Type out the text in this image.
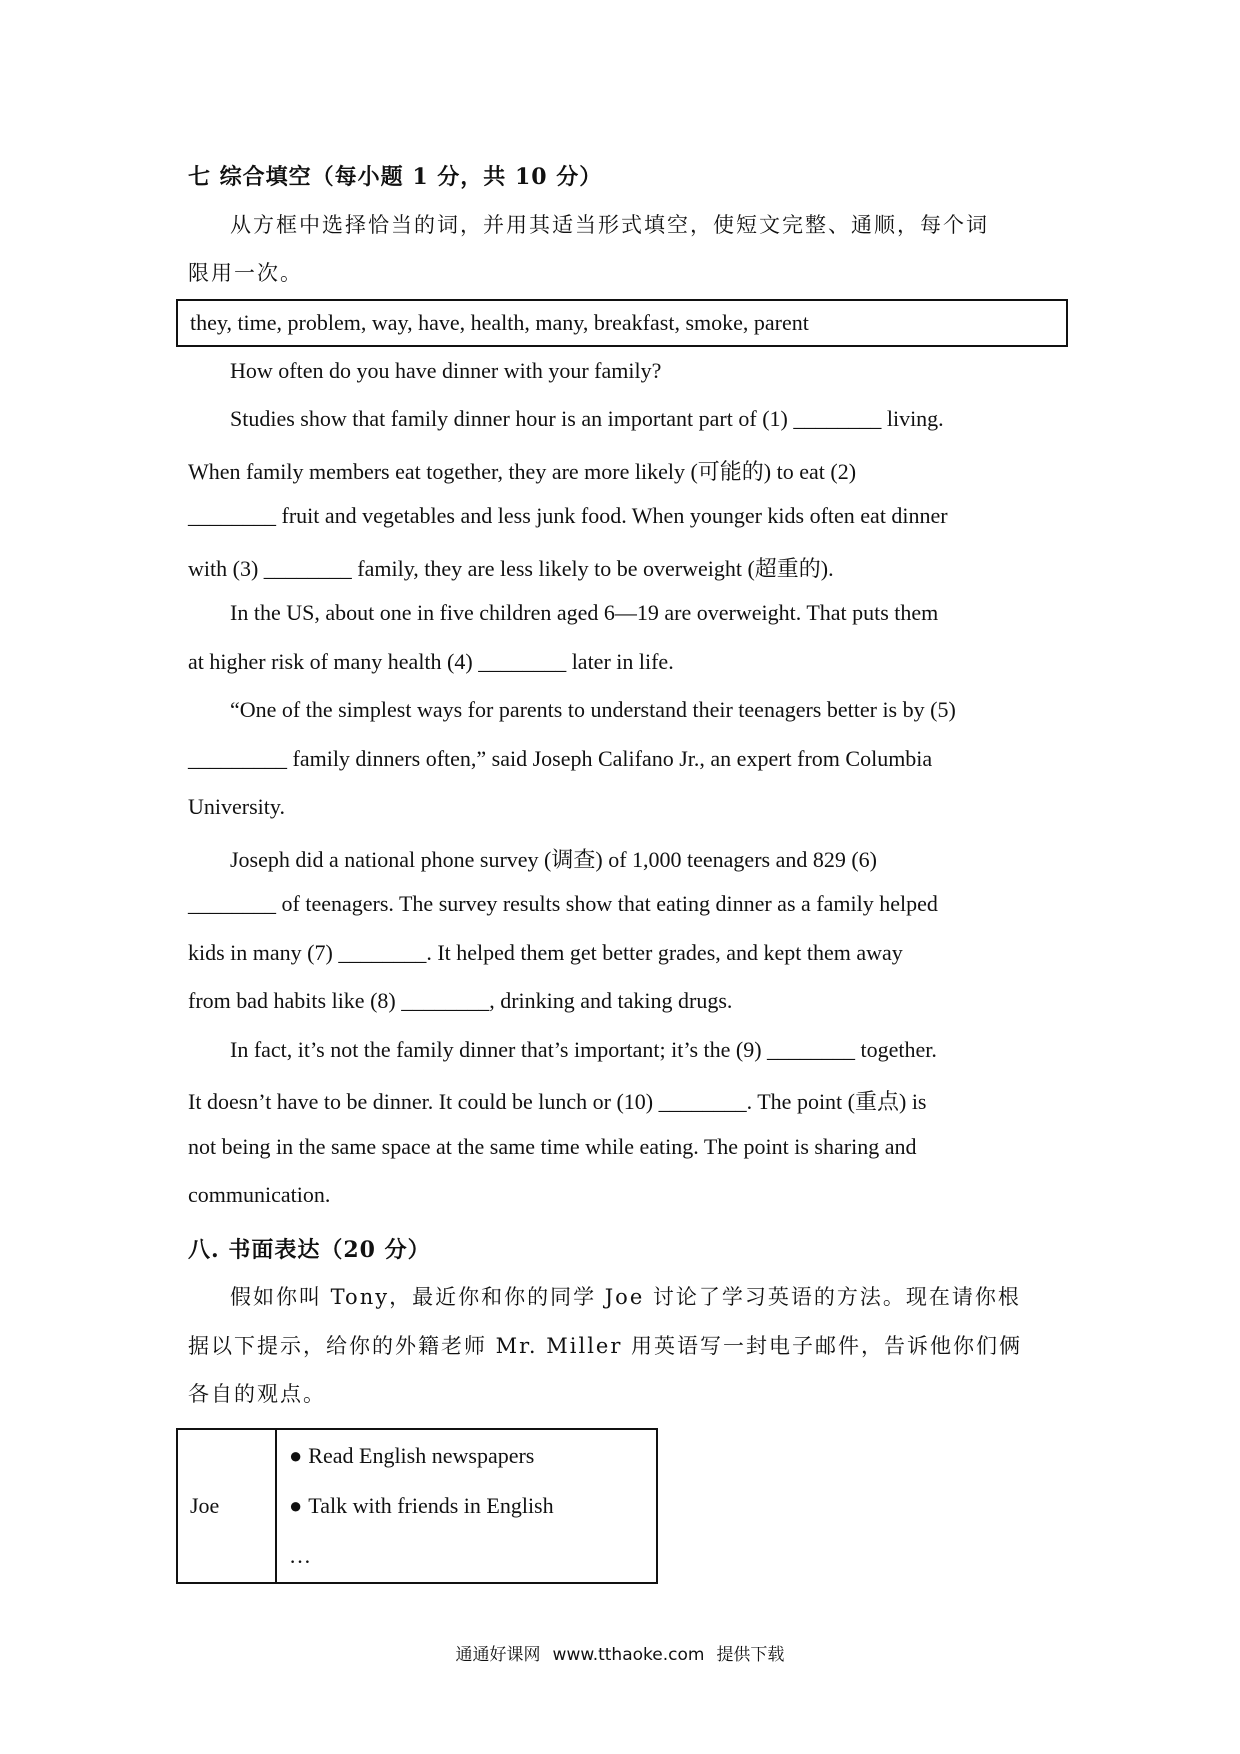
七 综合填空（每小题 1 分，共 10 分）
从方框中选择恰当的词，并用其适当形式填空，使短文完整、通顺，每个词
限用一次。
they, time, problem, way, have, health, many, breakfast, smoke, parent
How often do you have dinner with your family?
Studies show that family dinner hour is an important part of (1) ________ living.
When family members eat together, they are more likely (可能的) to eat (2)
________ fruit and vegetables and less junk food. When younger kids often eat dinner
with (3) ________ family, they are less likely to be overweight (超重的).
In the US, about one in five children aged 6—19 are overweight. That puts them
at higher risk of many health (4) ________ later in life.
“One of the simplest ways for parents to understand their teenagers better is by (5)
_________ family dinners often,” said Joseph Califano Jr., an expert from Columbia
University.
Joseph did a national phone survey (调查) of 1,000 teenagers and 829 (6)
________ of teenagers. The survey results show that eating dinner as a family helped
kids in many (7) ________. It helped them get better grades, and kept them away
from bad habits like (8) ________, drinking and taking drugs.
In fact, it’s not the family dinner that’s important; it’s the (9) ________ together.
It doesn’t have to be dinner. It could be lunch or (10) ________. The point (重点) is
not being in the same space at the same time while eating. The point is sharing and
communication.
八. 书面表达（20 分）
假如你叫 Tony，最近你和你的同学 Joe 讨论了学习英语的方法。现在请你根
据以下提示，给你的外籍老师 Mr. Miller 用英语写一封电子邮件，告诉他你们俩
各自的观点。
Joe	
● Read English newspapers
● Talk with friends in English
…
通通好课网 www.tthaoke.com 提供下载
